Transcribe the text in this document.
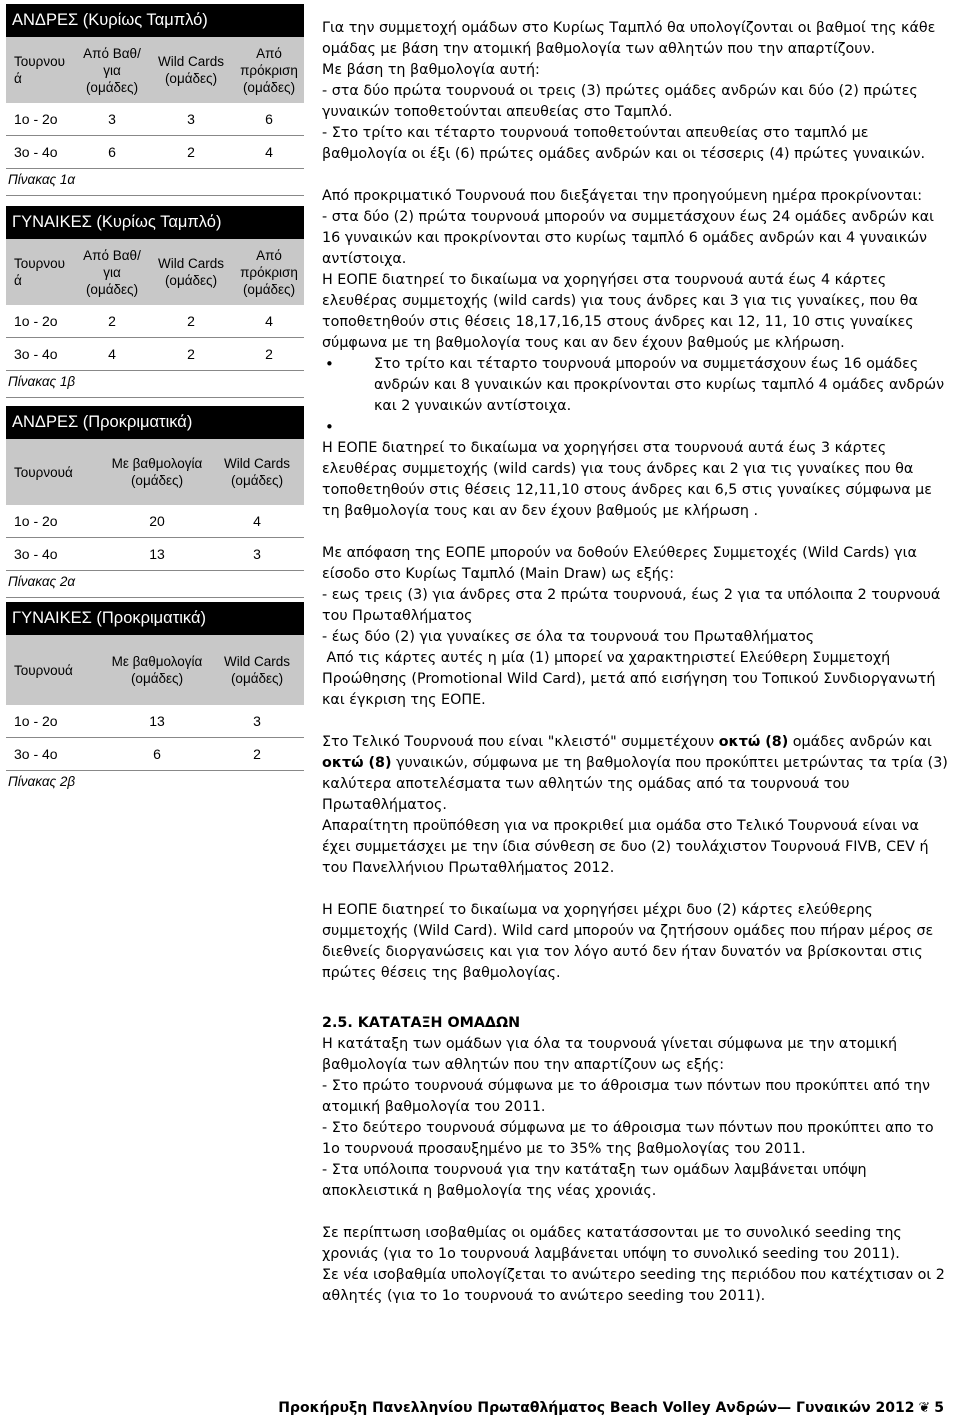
ΑΝΔΡΕΣ (Κυρίως Ταμπλό)
Τουρνου ά	Από Βαθ/ για (ομάδες)	Wild Cards (ομάδες)	Από πρόκριση (ομάδες)
1ο - 2ο	3	3	6
3ο - 4ο	6	2	4
Πίνακας 1α
ΓΥΝΑΙΚΕΣ (Κυρίως Ταμπλό)
Τουρνου ά	Από Βαθ/ για (ομάδες)	Wild Cards (ομάδες)	Από πρόκριση (ομάδες)
1ο - 2ο	2	2	4
3ο - 4ο	4	2	2
Πίνακας 1β
ΑΝΔΡΕΣ (Προκριματικά)
Τουρνουά	Με βαθμολογία (ομάδες)	Wild Cards (ομάδες)
1ο - 2ο	20	4
3ο - 4ο	13	3
Πίνακας 2α
ΓΥΝΑΙΚΕΣ (Προκριματικά)
Τουρνουά	Με βαθμολογία (ομάδες)	Wild Cards (ομάδες)
1ο - 2ο	13	3
3ο - 4ο	6	2
Πίνακας 2β

Για την συμμετοχή ομάδων στο Κυρίως Ταμπλό θα υπολογίζονται οι βαθμοί της κάθε ομάδας με βάση την ατομική βαθμολογία των αθλητών που την απαρτίζουν.

Με βάση τη βαθμολογία αυτή:

- στα δύο πρώτα τουρνουά οι τρεις (3) πρώτες ομάδες ανδρών και δύο (2) πρώτες γυναικών τοποθετούνται απευθείας στο Ταμπλό.

- Στο τρίτο και τέταρτο τουρνουά τοποθετούνται απευθείας στο ταμπλό με βαθμολογία οι έξι (6) πρώτες ομάδες ανδρών και οι τέσσερις (4) πρώτες γυναικών.

Από προκριματικό Τουρνουά που διεξάγεται την προηγούμενη ημέρα προκρίνονται:

- στα δύο (2) πρώτα τουρνουά μπορούν να συμμετάσχουν έως 24 ομάδες ανδρών και 16 γυναικών και προκρίνονται στο κυρίως ταμπλό 6 ομάδες ανδρών και 4 γυναικών αντίστοιχα.

Η ΕΟΠΕ διατηρεί το δικαίωμα να χορηγήσει στα τουρνουά αυτά έως 4 κάρτες ελευθέρας συμμετοχής (wild cards) για τους άνδρες και 3 για τις γυναίκες, που θα τοποθετηθούν στις θέσεις 18,17,16,15 στους άνδρες και 12, 11, 10 στις γυναίκες σύμφωνα με τη βαθμολογία τους και αν δεν έχουν βαθμούς με κλήρωση.

• Στο τρίτο και τέταρτο τουρνουά μπορούν να συμμετάσχουν έως 16 ομάδες ανδρών και 8 γυναικών και προκρίνονται στο κυρίως ταμπλό 4 ομάδες ανδρών και 2 γυναικών αντίστοιχα.
•

Η ΕΟΠΕ διατηρεί το δικαίωμα να χορηγήσει στα τουρνουά αυτά έως 3 κάρτες ελευθέρας συμμετοχής (wild cards) για τους άνδρες και 2 για τις γυναίκες που θα τοποθετηθούν στις θέσεις 12,11,10 στους άνδρες και 6,5 στις γυναίκες σύμφωνα με τη βαθμολογία τους και αν δεν έχουν βαθμούς με κλήρωση .

Με απόφαση της ΕΟΠΕ μπορούν να δοθούν Ελεύθερες Συμμετοχές (Wild Cards) για είσοδο στο Κυρίως Ταμπλό (Main Draw) ως εξής:

- εως τρεις (3) για άνδρες στα 2 πρώτα τουρνουά, έως 2 για τα υπόλοιπα 2 τουρνουά του Πρωταθλήματος

- έως δύο (2) για γυναίκες σε όλα τα τουρνουά του Πρωταθλήματος

Από τις κάρτες αυτές η μία (1) μπορεί να χαρακτηριστεί Ελεύθερη Συμμετοχή Προώθησης (Promotional Wild Card), μετά από εισήγηση του Τοπικού Συνδιοργανωτή και έγκριση της ΕΟΠΕ.

Στο Τελικό Τουρνουά που είναι "κλειστό" συμμετέχουν οκτώ (8) ομάδες ανδρών και οκτώ (8) γυναικών, σύμφωνα με τη βαθμολογία που προκύπτει μετρώντας τα τρία (3) καλύτερα αποτελέσματα των αθλητών της ομάδας από τα τουρνουά του Πρωταθλήματος.

Απαραίτητη προϋπόθεση για να προκριθεί μια ομάδα στο Τελικό Τουρνουά είναι να έχει συμμετάσχει με την ίδια σύνθεση σε δυο (2) τουλάχιστον Τουρνουά FIVB, CEV ή του Πανελλήνιου Πρωταθλήματος 2012.

Η ΕΟΠΕ διατηρεί το δικαίωμα να χορηγήσει μέχρι δυο (2) κάρτες ελεύθερης συμμετοχής (Wild Card). Wild card μπορούν να ζητήσουν ομάδες που πήραν μέρος σε διεθνείς διοργανώσεις και για τον λόγο αυτό δεν ήταν δυνατόν να βρίσκονται στις πρώτες θέσεις της βαθμολογίας.

2.5. ΚΑΤΑΤΑΞΗ ΟΜΑΔΩΝ

Η κατάταξη των ομάδων για όλα τα τουρνουά γίνεται σύμφωνα με την ατομική βαθμολογία των αθλητών που την απαρτίζουν ως εξής:

- Στο πρώτο τουρνουά σύμφωνα με το άθροισμα των πόντων που προκύπτει από την ατομική βαθμολογία του 2011.

- Στο δεύτερο τουρνουά σύμφωνα με το άθροισμα των πόντων που προκύπτει απο το 1ο τουρνουά προσαυξημένο με το 35% της βαθμολογίας του 2011.

- Στα υπόλοιπα τουρνουά για την κατάταξη των ομάδων λαμβάνεται υπόψη αποκλειστικά η βαθμολογία της νέας χρονιάς.

Σε περίπτωση ισοβαθμίας οι ομάδες κατατάσσονται με το συνολικό seeding της χρονιάς (για το 1ο τουρνουά λαμβάνεται υπόψη το συνολικό seeding του 2011).

Σε νέα ισοβαθμία υπολογίζεται το ανώτερο seeding της περιόδου που κατέχτισαν οι 2 αθλητές (για το 1ο τουρνουά το ανώτερο seeding του 2011).

Προκήρυξη Πανελληνίου Πρωταθλήματος Beach Volley Ανδρών— Γυναικών 2012 ❦ 5
